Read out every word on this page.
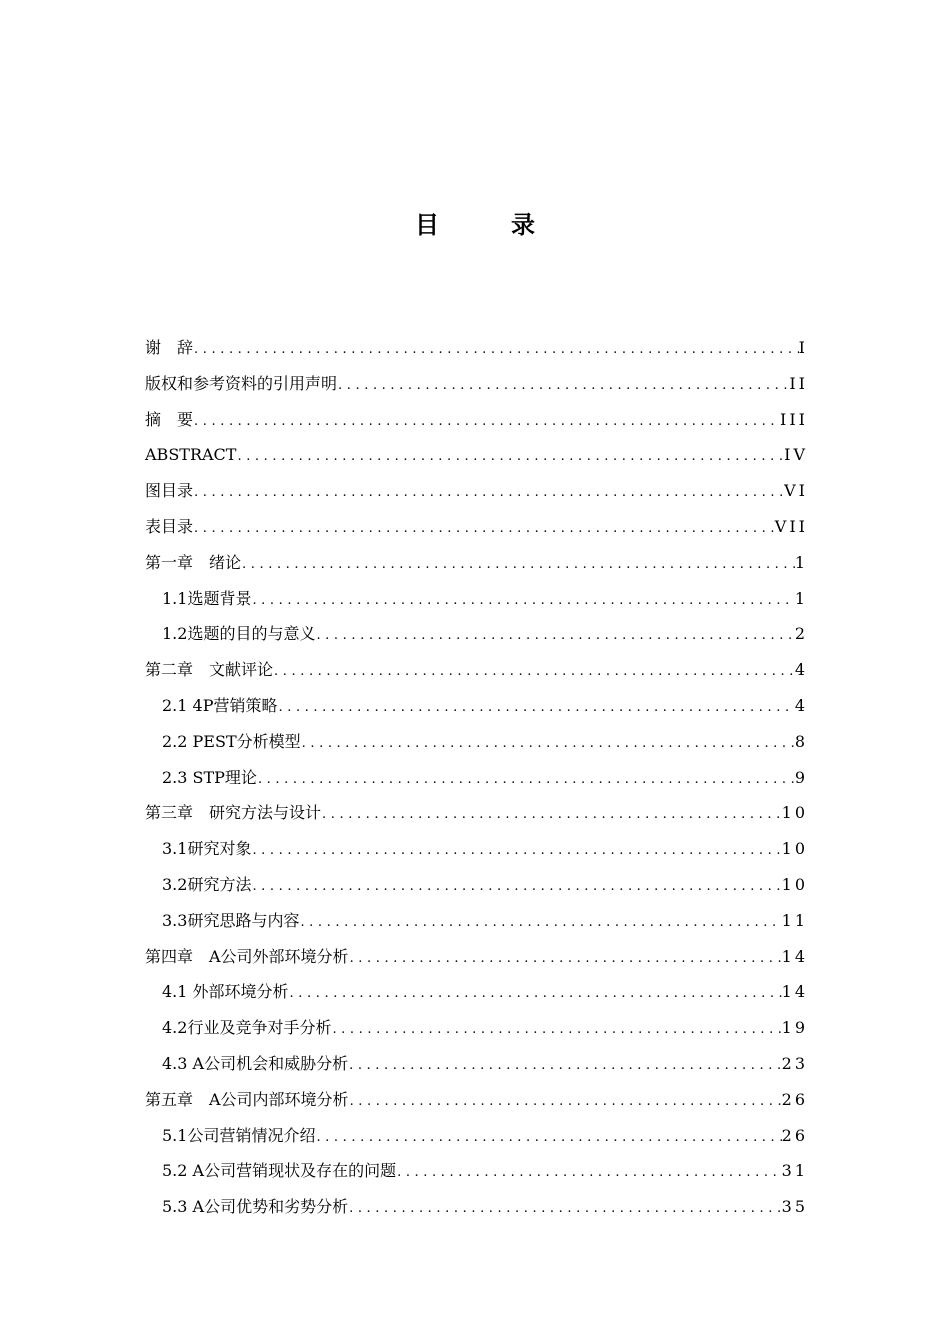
目　录
谢　辞 .....	I
版权和参考资料的引用声明 .....	II
摘　要 .....	III
ABSTRACT .....	IV
图目录 .....	VI
表目录 .....	VII
第一章　绪论 .....	1
1.1选题背景 .....	1
1.2选题的目的与意义 .....	2
第二章　文献评论 .....	4
2.1 4P营销策略 .....	4
2.2 PEST分析模型 .....	8
2.3 STP理论 .....	9
第三章　研究方法与设计 .....	10
3.1研究对象 .....	10
3.2研究方法 .....	10
3.3研究思路与内容 .....	11
第四章　A公司外部环境分析 .....	14
4.1 外部环境分析 .....	14
4.2行业及竞争对手分析 .....	19
4.3 A公司机会和威胁分析 .....	23
第五章　A公司内部环境分析 .....	26
5.1公司营销情况介绍 .....	26
5.2 A公司营销现状及存在的问题 .....	31
5.3 A公司优势和劣势分析 .....	35
